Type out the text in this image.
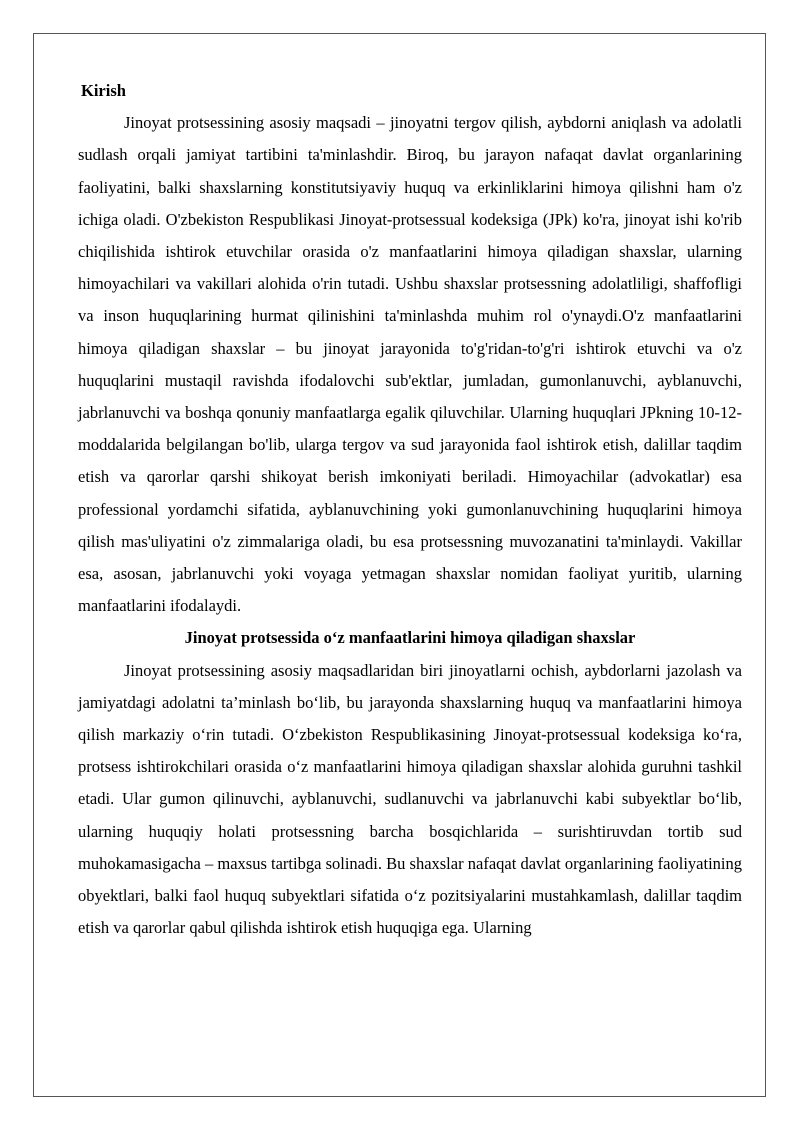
Kirish

Jinoyat protsessining asosiy maqsadi – jinoyatni tergov qilish, aybdorni aniqlash va adolatli sudlash orqali jamiyat tartibini ta'minlashdir. Biroq, bu jarayon nafaqat davlat organlarining faoliyatini, balki shaxslarning konstitutsiyaviy huquq va erkinliklarini himoya qilishni ham o'z ichiga oladi. O'zbekiston Respublikasi Jinoyat-protsessual kodeksiga (JPk) ko'ra, jinoyat ishi ko'rib chiqilishida ishtirok etuvchilar orasida o'z manfaatlarini himoya qiladigan shaxslar, ularning himoyachilari va vakillari alohida o'rin tutadi. Ushbu shaxslar protsessning adolatliligi, shaffofligi va inson huquqlarining hurmat qilinishini ta'minlashda muhim rol o'ynaydi.O'z manfaatlarini himoya qiladigan shaxslar – bu jinoyat jarayonida to'g'ridan-to'g'ri ishtirok etuvchi va o'z huquqlarini mustaqil ravishda ifodalovchi sub'ektlar, jumladan, gumonlanuvchi, ayblanuvchi, jabrlanuvchi va boshqa qonuniy manfaatlarga egalik qiluvchilar. Ularning huquqlari JPkning 10-12-moddalarida belgilangan bo'lib, ularga tergov va sud jarayonida faol ishtirok etish, dalillar taqdim etish va qarorlar qarshi shikoyat berish imkoniyati beriladi. Himoyachilar (advokatlar) esa professional yordamchi sifatida, ayblanuvchining yoki gumonlanuvchining huquqlarini himoya qilish mas'uliyatini o'z zimmalariga oladi, bu esa protsessning muvozanatini ta'minlaydi. Vakillar esa, asosan, jabrlanuvchi yoki voyaga yetmagan shaxslar nomidan faoliyat yuritib, ularning manfaatlarini ifodalaydi.

Jinoyat protsessida o‘z manfaatlarini himoya qiladigan shaxslar

Jinoyat protsessining asosiy maqsadlaridan biri jinoyatlarni ochish, aybdorlarni jazolash va jamiyatdagi adolatni ta’minlash bo‘lib, bu jarayonda shaxslarning huquq va manfaatlarini himoya qilish markaziy o‘rin tutadi. O‘zbekiston Respublikasining Jinoyat-protsessual kodeksiga ko‘ra, protsess ishtirokchilari orasida o‘z manfaatlarini himoya qiladigan shaxslar alohida guruhni tashkil etadi. Ular gumon qilinuvchi, ayblanuvchi, sudlanuvchi va jabrlanuvchi kabi subyektlar bo‘lib, ularning huquqiy holati protsessning barcha bosqichlarida – surishtiruvdan tortib sud muhokamasigacha – maxsus tartibga solinadi. Bu shaxslar nafaqat davlat organlarining faoliyatining obyektlari, balki faol huquq subyektlari sifatida o‘z pozitsiyalarini mustahkamlash, dalillar taqdim etish va qarorlar qabul qilishda ishtirok etish huquqiga ega. Ularning
